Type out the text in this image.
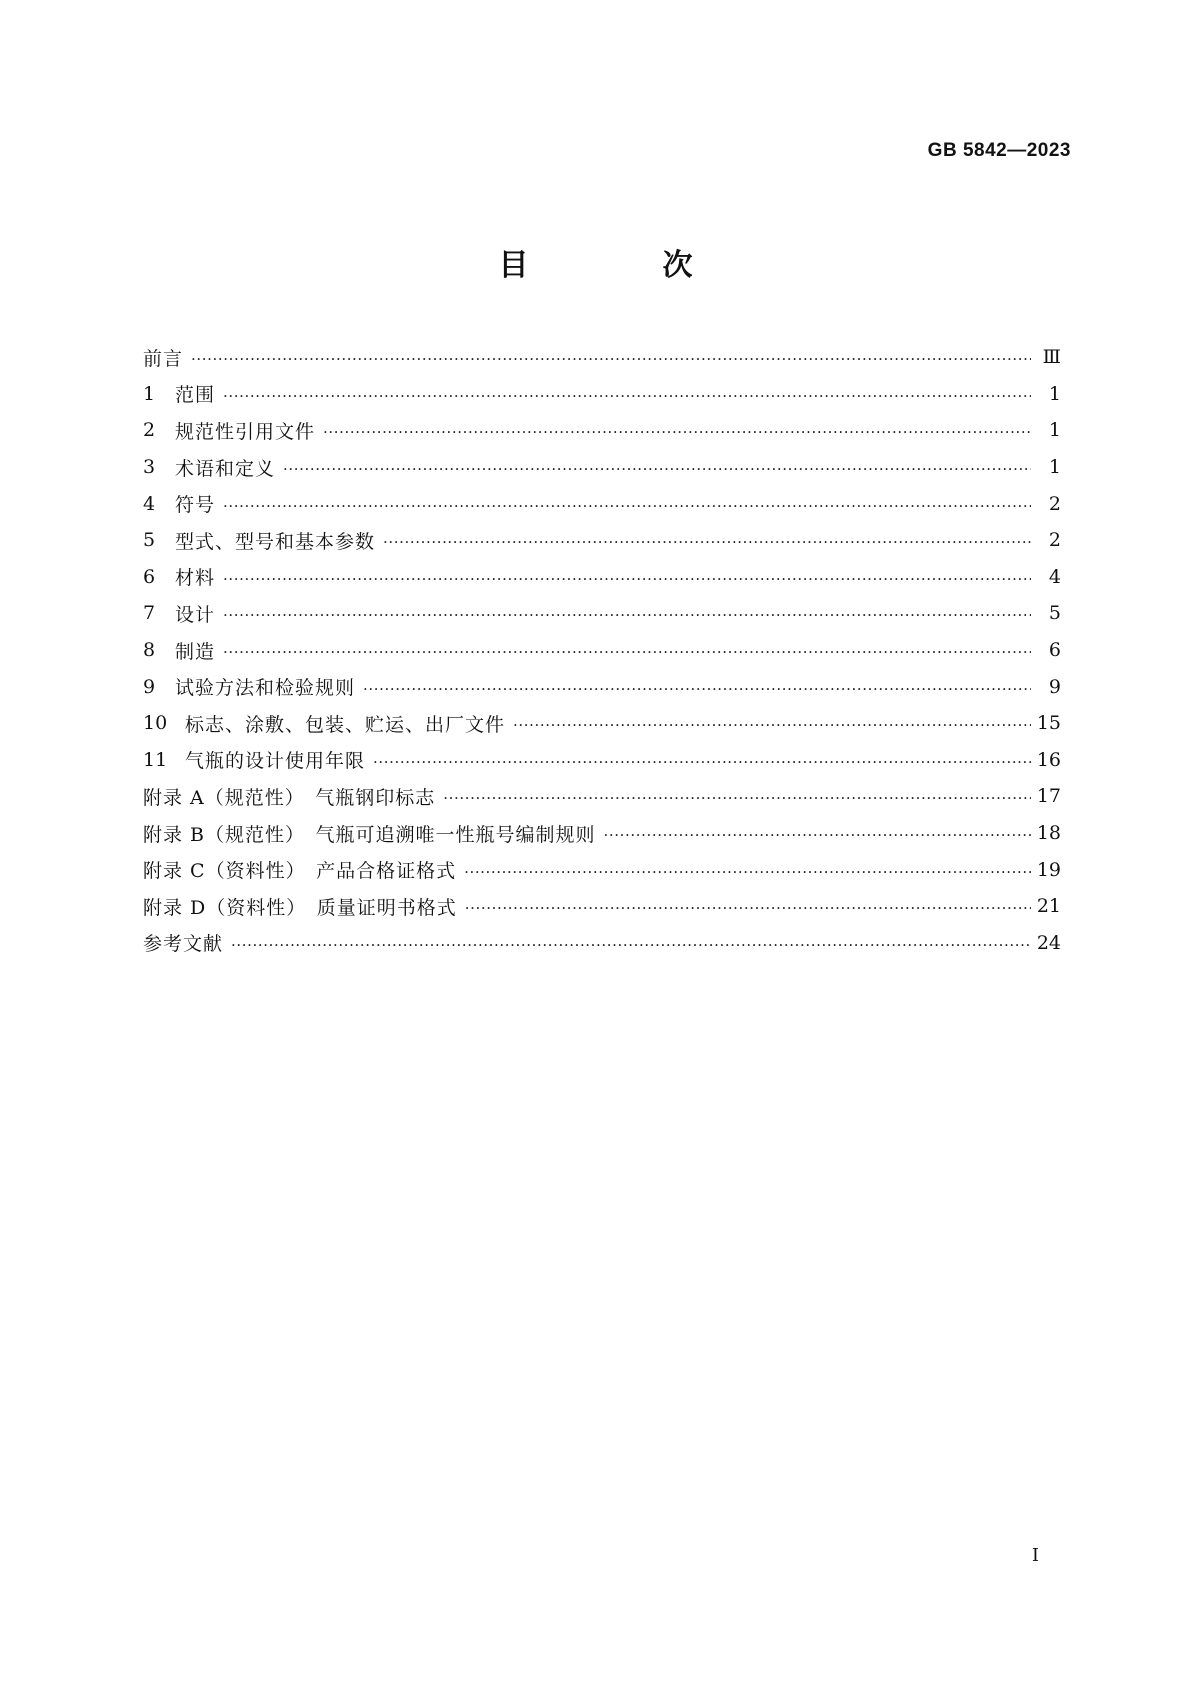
GB 5842—2023
目　次
前言 ·····	Ⅲ
1	范围 ·····	1
2	规范性引用文件 ·····	1
3	术语和定义 ·····	1
4	符号 ·····	2
5	型式、型号和基本参数 ·····	2
6	材料 ·····	4
7	设计 ·····	5
8	制造 ·····	6
9	试验方法和检验规则 ·····	9
10 标志、涂敷、包装、贮运、出厂文件 ·····	15
11 气瓶的设计使用年限 ·····	16
附录 A（规范性）　气瓶钢印标志 ·····	17
附录 B（规范性）　气瓶可追溯唯一性瓶号编制规则 ·····	18
附录 C（资料性）　产品合格证格式 ·····	19
附录 D（资料性）　质量证明书格式 ·····	21
参考文献 ·····	24
Ⅰ
